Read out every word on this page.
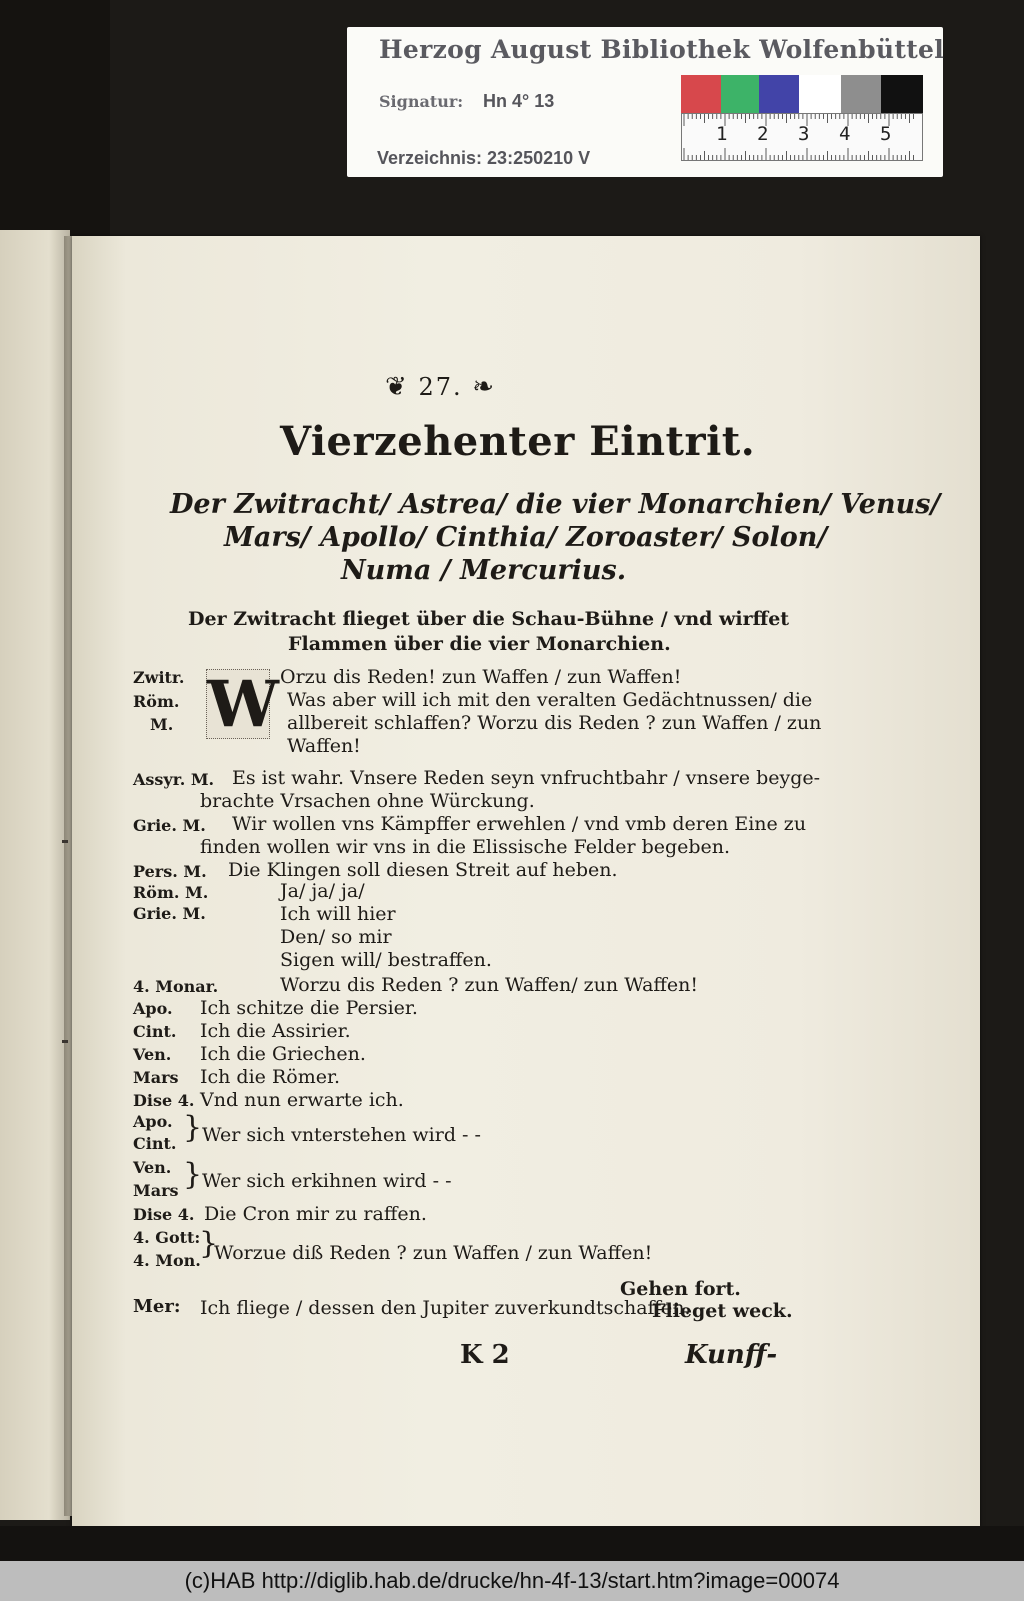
Herzog August Bibliothek Wolfenbüttel
Signatur: Hn 4° 13
Verzeichnis: 23:250210 V
1 2 3 4 5
❦ 27. ❧
Vierzehenter Eintrit.
Der Zwitracht/ Astrea/ die vier Monarchien/ Venus/
Mars/ Apollo/ Cinthia/ Zoroaster/ Solon/
Numa / Mercurius.
Der Zwitracht flieget über die Schau-Bühne / vnd wirffet
Flammen über die vier Monarchien.
Zwitr.
Röm.
M. W Orzu dis Reden! zun Waffen / zun Waffen!
Was aber will ich mit den veralten Gedächtnussen/ die
allbereit schlaffen? Worzu dis Reden ? zun Waffen / zun
Waffen!
Assyr. M. Es ist wahr. Vnsere Reden seyn vnfruchtbahr / vnsere beyge-
brachte Vrsachen ohne Würckung.
Grie. M. Wir wollen vns Kämpffer erwehlen / vnd vmb deren Eine zu
finden wollen wir vns in die Elissische Felder begeben.
Pers. M. Die Klingen soll diesen Streit auf heben.
Röm. M.
Grie. M.
Ja/ ja/ ja/
Ich will hier
Den/ so mir
Sigen will/ bestraffen.
4. Monar.	Worzu dis Reden ? zun Waffen/ zun Waffen!
Apo. Ich schitze die Persier.
Cint. Ich die Assirier.
Ven. Ich die Griechen.
Mars Ich die Römer.
Dise 4. Vnd nun erwarte ich.
Apo.
Cint. } Wer sich vnterstehen wird - -
Ven.
Mars } Wer sich erkihnen wird - -
Dise 4. Die Cron mir zu raffen.
4. Gott:
4. Mon.
}
Worzue diß Reden ? zun Waffen / zun Waffen!
Gehen fort.
Mer: Ich fliege / dessen den Jupiter zuverkundtschaffen.
Flieget weck.
K 2	Kunff-
(c)HAB http://diglib.hab.de/drucke/hn-4f-13/start.htm?image=00074
